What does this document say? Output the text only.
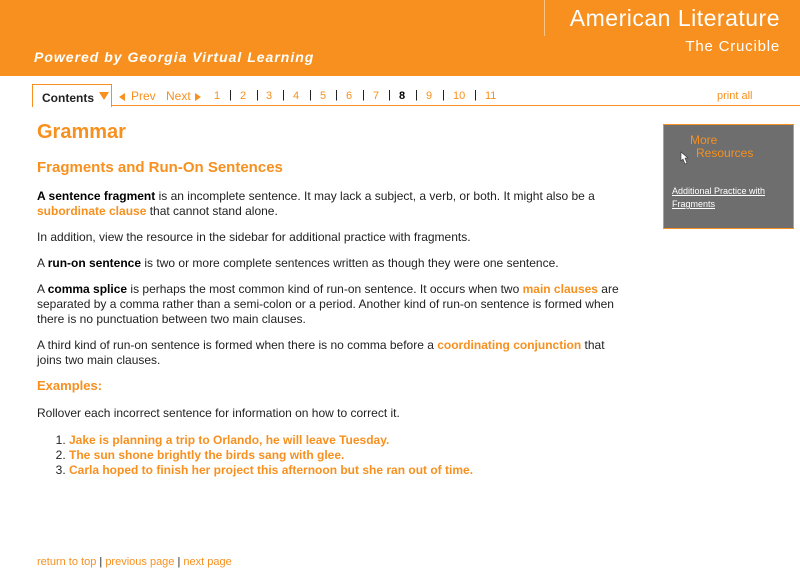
American Literature
The Crucible
Powered by Georgia Virtual Learning
Contents	Prev Next 1 | 2 | 3 | 4 | 5 | 6 | 7 | 8 | 9 | 10 | 11	print all
Grammar
Fragments and Run-On Sentences

A sentence fragment is an incomplete sentence. It may lack a subject, a verb, or both. It might also be a subordinate clause that cannot stand alone.

In addition, view the resource in the sidebar for additional practice with fragments.

A run-on sentence is two or more complete sentences written as though they were one sentence.

A comma splice is perhaps the most common kind of run-on sentence. It occurs when two main clauses are separated by a comma rather than a semi-colon or a period. Another kind of run-on sentence is formed when there is no punctuation between two main clauses.

A third kind of run-on sentence is formed when there is no comma before a coordinating conjunction that joins two main clauses.

Examples:

Rollover each incorrect sentence for information on how to correct it.

1. Jake is planning a trip to Orlando, he will leave Tuesday.
2. The sun shone brightly the birds sang with glee.
3. Carla hoped to finish her project this afternoon but she ran out of time.
More
Resources
Additional Practice with Fragments
return to top | previous page | next page
